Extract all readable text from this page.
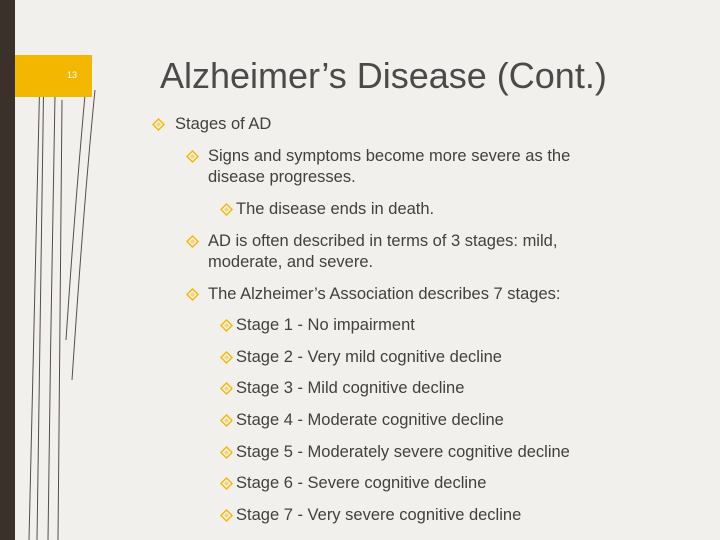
13 Alzheimer’s Disease (Cont.)
Stages of AD
Signs and symptoms become more severe as the
disease progresses.
The disease ends in death.
AD is often described in terms of 3 stages: mild,
moderate, and severe.
The Alzheimer’s Association describes 7 stages:
Stage 1 - No impairment
Stage 2 - Very mild cognitive decline
Stage 3 - Mild cognitive decline
Stage 4 - Moderate cognitive decline
Stage 5 - Moderately severe cognitive decline
Stage 6 - Severe cognitive decline
Stage 7 - Very severe cognitive decline
